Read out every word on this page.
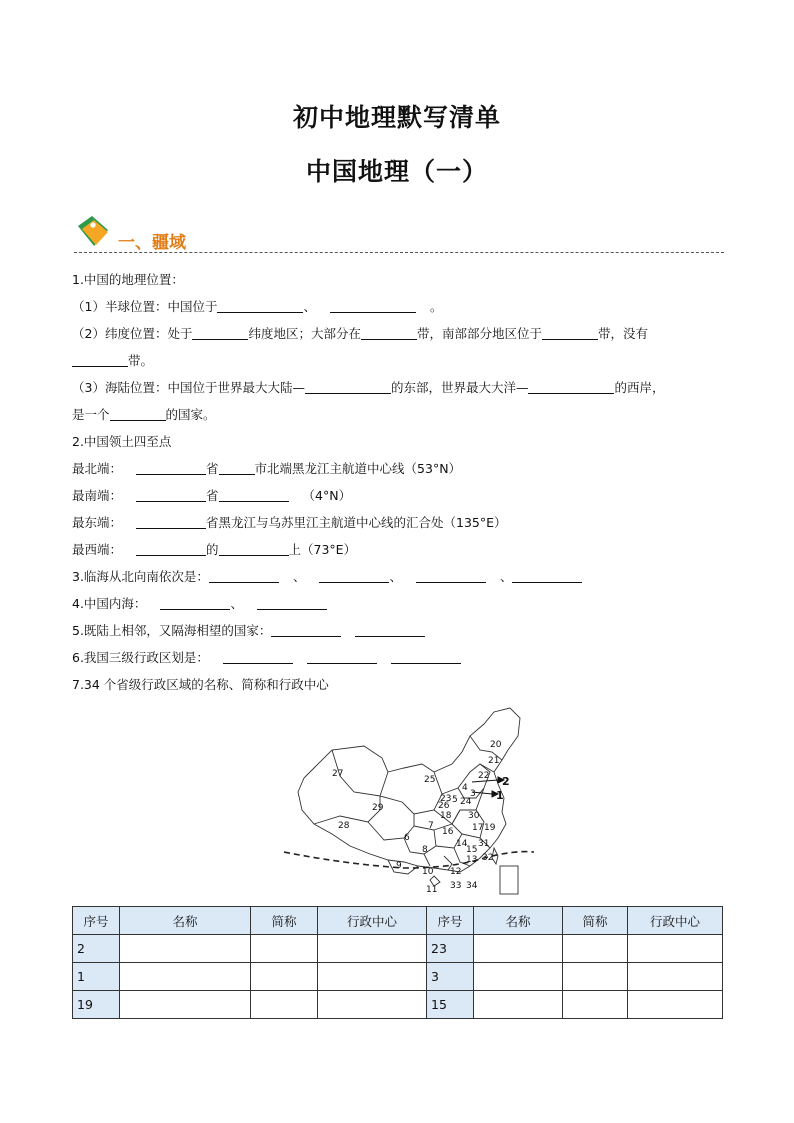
初中地理默写清单
中国地理（一）
一、疆域
1.中国的地理位置：
（1）半球位置：中国位于	、	。
（2）纬度位置：处于	纬度地区；大部分在	带，南部部分地区位于	带，没有
带。
（3）海陆位置：中国位于世界最大大陆—	的东部，世界最大大洋—	的西岸，
是一个	的国家。
2.中国领土四至点
最北端：	省	市北端黑龙江主航道中心线（53°N）
最南端：	省	（4°N）
最东端：	省黑龙江与乌苏里江主航道中心线的汇合处（135°E）
最西端：	的	上（73°E）
3.临海从北向南依次是：	、	、	、
4.中国内海：	、
5.既陆上相邻，又隔海相望的国家：
6.我国三级行政区划是：
7.34 个省级行政区域的名称、简称和行政中心
20
21
27
25	22 2
23 24 1
29	26
18 30
28
6
16 17 19
14 31
8	15
13 32
12
9
10
33 34
11
5
4
3
7
序号	名称	简称	行政中心	序号	名称	简称	行政中心
2				23			
1				3			
19				15			
